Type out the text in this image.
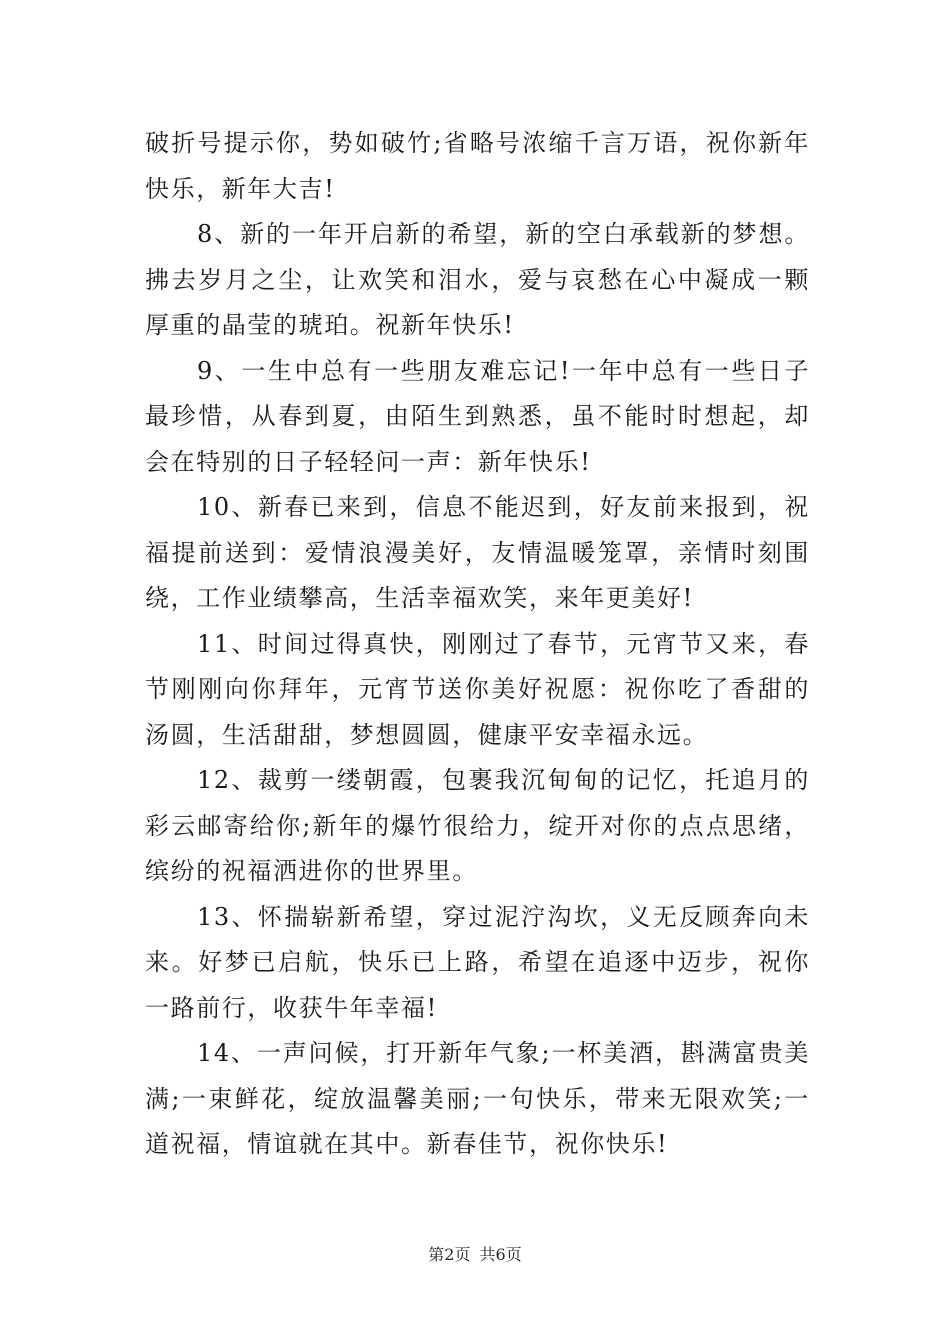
破折号提示你，势如破竹;省略号浓缩千言万语，祝你新年快乐，新年大吉!

8、新的一年开启新的希望，新的空白承载新的梦想。拂去岁月之尘，让欢笑和泪水，爱与哀愁在心中凝成一颗厚重的晶莹的琥珀。祝新年快乐!

9、一生中总有一些朋友难忘记!一年中总有一些日子最珍惜，从春到夏，由陌生到熟悉，虽不能时时想起，却会在特别的日子轻轻问一声：新年快乐!

10、新春已来到，信息不能迟到，好友前来报到，祝福提前送到：爱情浪漫美好，友情温暖笼罩，亲情时刻围绕，工作业绩攀高，生活幸福欢笑，来年更美好!

11、时间过得真快，刚刚过了春节，元宵节又来，春节刚刚向你拜年，元宵节送你美好祝愿：祝你吃了香甜的汤圆，生活甜甜，梦想圆圆，健康平安幸福永远。

12、裁剪一缕朝霞，包裹我沉甸甸的记忆，托追月的彩云邮寄给你;新年的爆竹很给力，绽开对你的点点思绪，缤纷的祝福洒进你的世界里。

13、怀揣崭新希望，穿过泥泞沟坎，义无反顾奔向未来。好梦已启航，快乐已上路，希望在追逐中迈步，祝你一路前行，收获牛年幸福!

14、一声问候，打开新年气象;一杯美酒，斟满富贵美满;一束鲜花，绽放温馨美丽;一句快乐，带来无限欢笑;一道祝福，情谊就在其中。新春佳节，祝你快乐!

第2页 共6页
